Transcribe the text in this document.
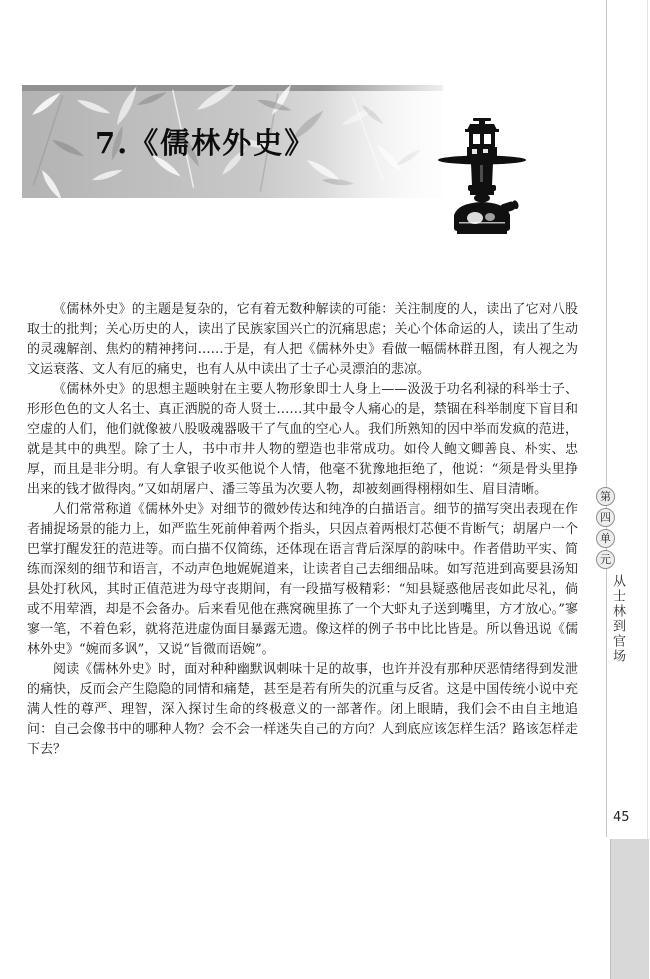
7.《儒林外史》

《儒林外史》的主题是复杂的，它有着无数种解读的可能：关注制度的人，读出了它对八股取士的批判；关心历史的人，读出了民族家国兴亡的沉痛思虑；关心个体命运的人，读出了生动的灵魂解剖、焦灼的精神拷问……于是，有人把《儒林外史》看做一幅儒林群丑图，有人视之为文运衰落、文人有厄的痛史，也有人从中读出了士子心灵漂泊的悲凉。

《儒林外史》的思想主题映射在主要人物形象即士人身上——汲汲于功名利禄的科举士子、形形色色的文人名士、真正洒脱的奇人贤士……其中最令人痛心的是，禁锢在科举制度下盲目和空虚的人们，他们就像被八股吸魂器吸干了气血的空心人。我们所熟知的因中举而发疯的范进，就是其中的典型。除了士人，书中市井人物的塑造也非常成功。如伶人鲍文卿善良、朴实、忠厚，而且是非分明。有人拿银子收买他说个人情，他毫不犹豫地拒绝了，他说：“须是骨头里挣出来的钱才做得肉。”又如胡屠户、潘三等虽为次要人物，却被刻画得栩栩如生、眉目清晰。

人们常常称道《儒林外史》对细节的微妙传达和纯净的白描语言。细节的描写突出表现在作者捕捉场景的能力上，如严监生死前伸着两个指头，只因点着两根灯芯便不肯断气；胡屠户一个巴掌打醒发狂的范进等。而白描不仅简练，还体现在语言背后深厚的韵味中。作者借助平实、简练而深刻的细节和语言，不动声色地娓娓道来，让读者自己去细细品味。如写范进到高要县汤知县处打秋风，其时正值范进为母守丧期间，有一段描写极精彩：“知县疑惑他居丧如此尽礼，倘或不用荤酒，却是不会备办。后来看见他在燕窝碗里拣了一个大虾丸子送到嘴里，方才放心。”寥寥一笔，不着色彩，就将范进虚伪面目暴露无遗。像这样的例子书中比比皆是。所以鲁迅说《儒林外史》“婉而多讽”，又说“旨微而语婉”。

阅读《儒林外史》时，面对种种幽默讽刺味十足的故事，也许并没有那种厌恶情绪得到发泄的痛快，反而会产生隐隐的同情和痛楚，甚至是若有所失的沉重与反省。这是中国传统小说中充满人性的尊严、理智，深入探讨生命的终极意义的一部著作。闭上眼睛，我们会不由自主地追问：自己会像书中的哪种人物？会不会一样迷失自己的方向？人到底应该怎样生活？路该怎样走下去？

第
四
单
元
从士林到官场
45
